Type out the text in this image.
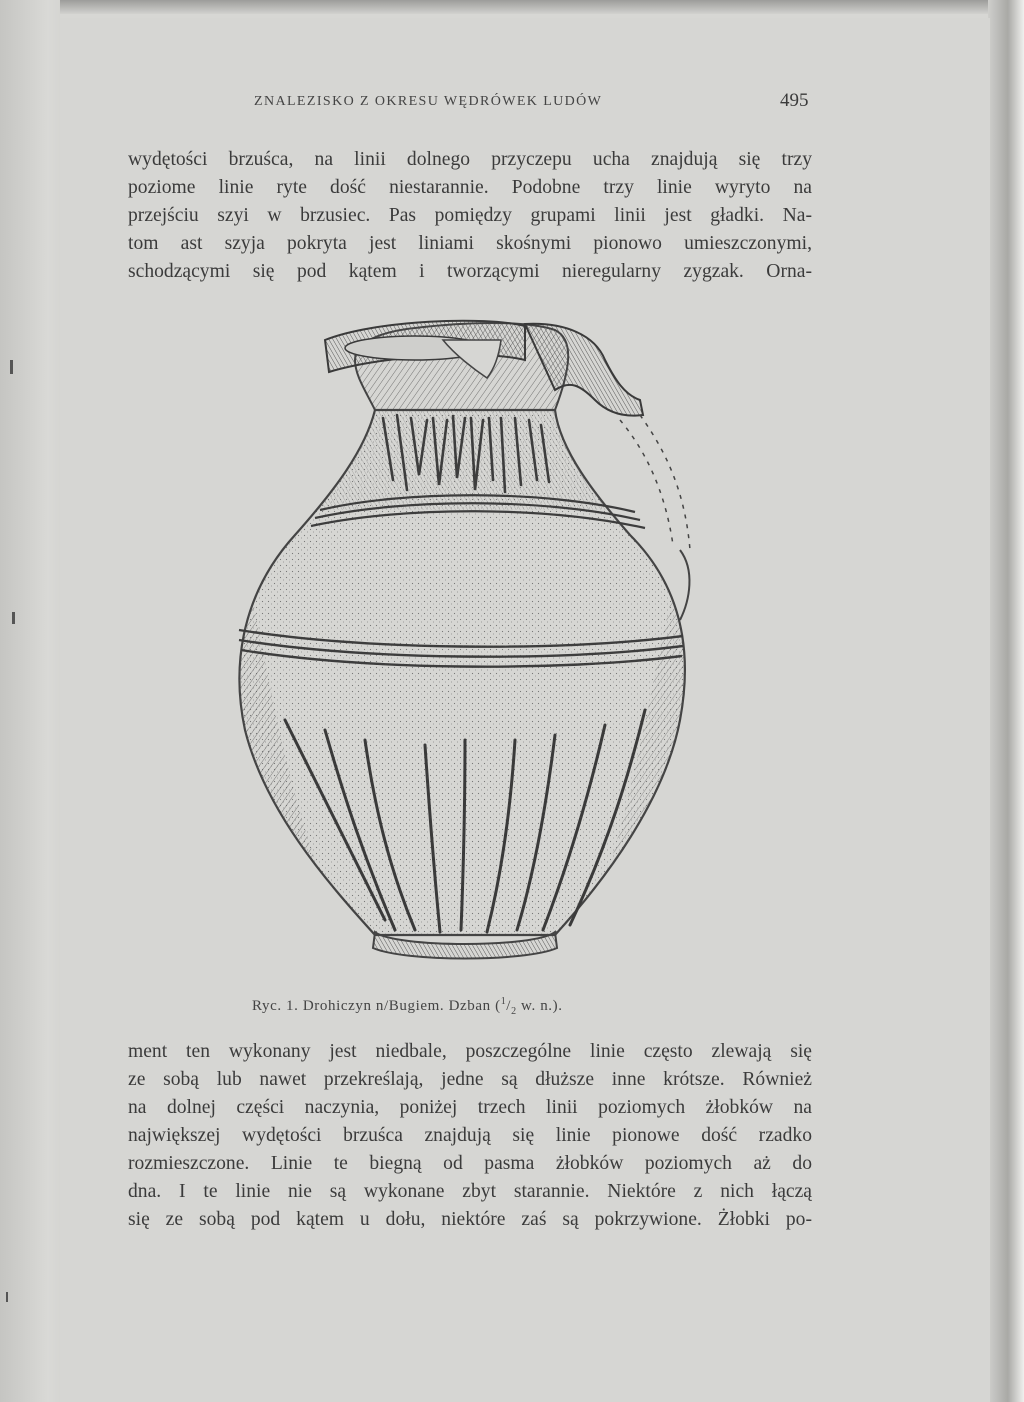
ZNALEZISKO Z OKRESU WĘDRÓWEK LUDÓW	495

wydętości brzuśca, na linii dolnego przyczepu ucha znajdują się trzy
poziome linie ryte dość niestarannie. Podobne trzy linie wyryto na
przejściu szyi w brzusiec. Pas pomiędzy grupami linii jest gładki. Na-
tom ast szyja pokryta jest liniami skośnymi pionowo umieszczonymi,
schodzącymi się pod kątem i tworzącymi nieregularny zygzak. Orna-

Ryc. 1. Drohiczyn n/Bugiem. Dzban ($^1/_2$ w. n.).

ment ten wykonany jest niedbale, poszczególne linie często zlewają się
ze sobą lub nawet przekreślają, jedne są dłuższe inne krótsze. Również
na dolnej części naczynia, poniżej trzech linii poziomych żłobków na
największej wydętości brzuśca znajdują się linie pionowe dość rzadko
rozmieszczone. Linie te biegną od pasma żłobków poziomych aż do
dna. I te linie nie są wykonane zbyt starannie. Niektóre z nich łączą
się ze sobą pod kątem u dołu, niektóre zaś są pokrzywione. Żłobki po-
